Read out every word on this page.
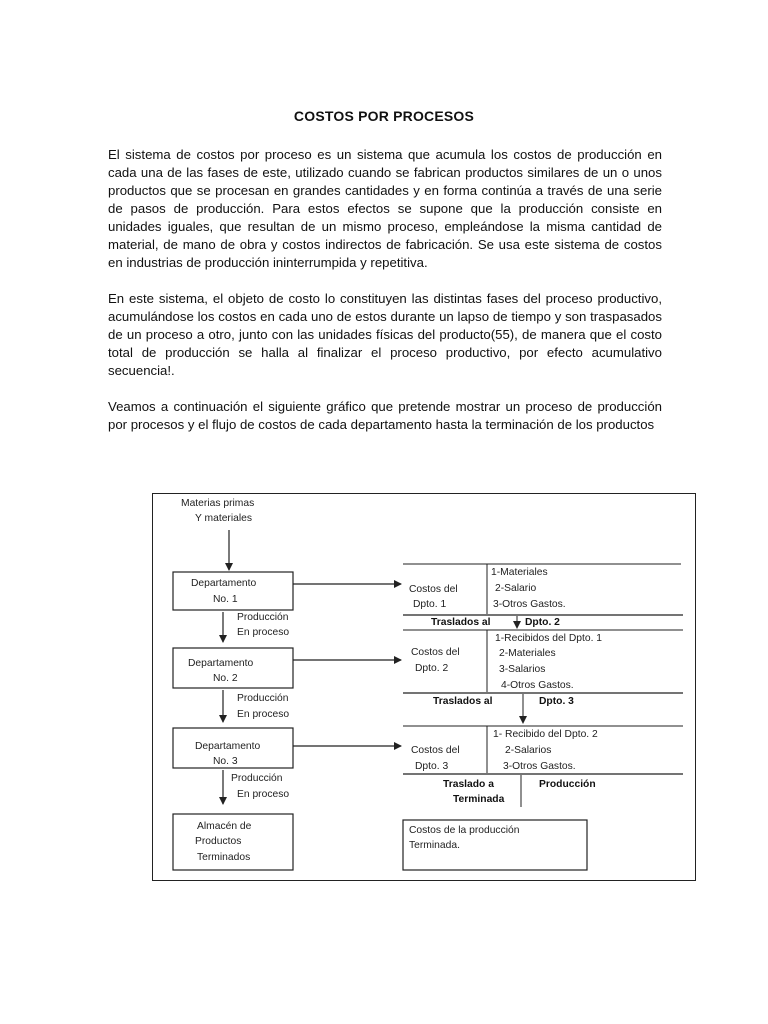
COSTOS POR PROCESOS

El sistema de costos por proceso es un sistema que acumula los costos de producción en cada una de las fases de este, utilizado cuando se fabrican productos similares de un o unos productos que se procesan en grandes cantidades y en forma continúa a través de una serie de pasos de producción. Para estos efectos se supone que la producción consiste en unidades iguales, que resultan de un mismo proceso, empleándose la misma cantidad de material, de mano de obra y costos indirectos de fabricación. Se usa este sistema de costos en industrias de producción ininterrumpida y repetitiva.

En este sistema, el objeto de costo lo constituyen las distintas fases del proceso productivo, acumulándose los costos en cada uno de estos durante un lapso de tiempo y son traspasados de un proceso a otro, junto con las unidades físicas del producto(55), de manera que el costo total de producción se halla al finalizar el proceso productivo, por efecto acumulativo secuencia!.

Veamos a continuación el siguiente gráfico que pretende mostrar un proceso de producción por procesos y el flujo de costos de cada departamento hasta la terminación de los productos

Materias primas
Y materiales
Departamento
No. 1
Producción
En proceso
Departamento
No. 2
Producción
En proceso
Departamento
No. 3
Producción
En proceso
Almacén de
Productos
Terminados
Costos del
Dpto. 1
1-Materiales
2-Salario
3-Otros Gastos.
Traslados al	Dpto. 2
Costos del
Dpto. 2
1-Recibidos del Dpto. 1
2-Materiales
3-Salarios
4-Otros Gastos.
Traslados al	Dpto. 3
Costos del
Dpto. 3
1- Recibido del Dpto. 2
2-Salarios
3-Otros Gastos.
Traslado a
Terminada
Producción
Costos de la producción
Terminada.
